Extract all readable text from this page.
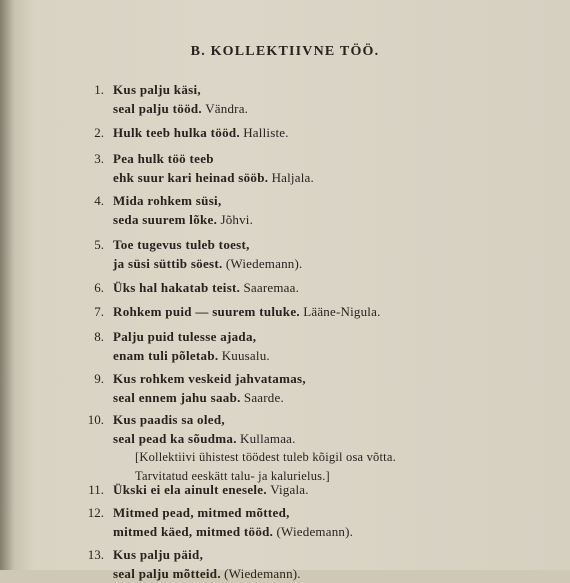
B. KOLLEKTIIVNE TÖÖ.
1. Kus palju käsi,
seal palju tööd. Vändra.
2. Hulk teeb hulka tööd. Halliste.
3. Pea hulk töö teeb
ehk suur kari heinad sööb. Haljala.
4. Mida rohkem süsi,
seda suurem lõke. Jõhvi.
5. Toe tugevus tuleb toest,
ja süsi süttib söest. (Wiedemann).
6. Üks hal hakatab teist. Saaremaa.
7. Rohkem puid — suurem tuluke. Lääne-Nigula.
8. Palju puid tulesse ajada,
enam tuli põletab. Kuusalu.
9. Kus rohkem veskeid jahvatamas,
seal ennem jahu saab. Saarde.
10. Kus paadis sa oled,
seal pead ka sõudma. Kullamaa.
[Kollektiivi ühistest töödest tuleb kõigil osa võtta.
Tarvitatud eeskätt talu- ja kalurielus.]
11. Ükski ei ela ainult enesele. Vigala.
12. Mitmed pead, mitmed mõtted,
mitmed käed, mitmed tööd. (Wiedemann).
13. Kus palju päid,
seal palju mõtteid. (Wiedemann).
